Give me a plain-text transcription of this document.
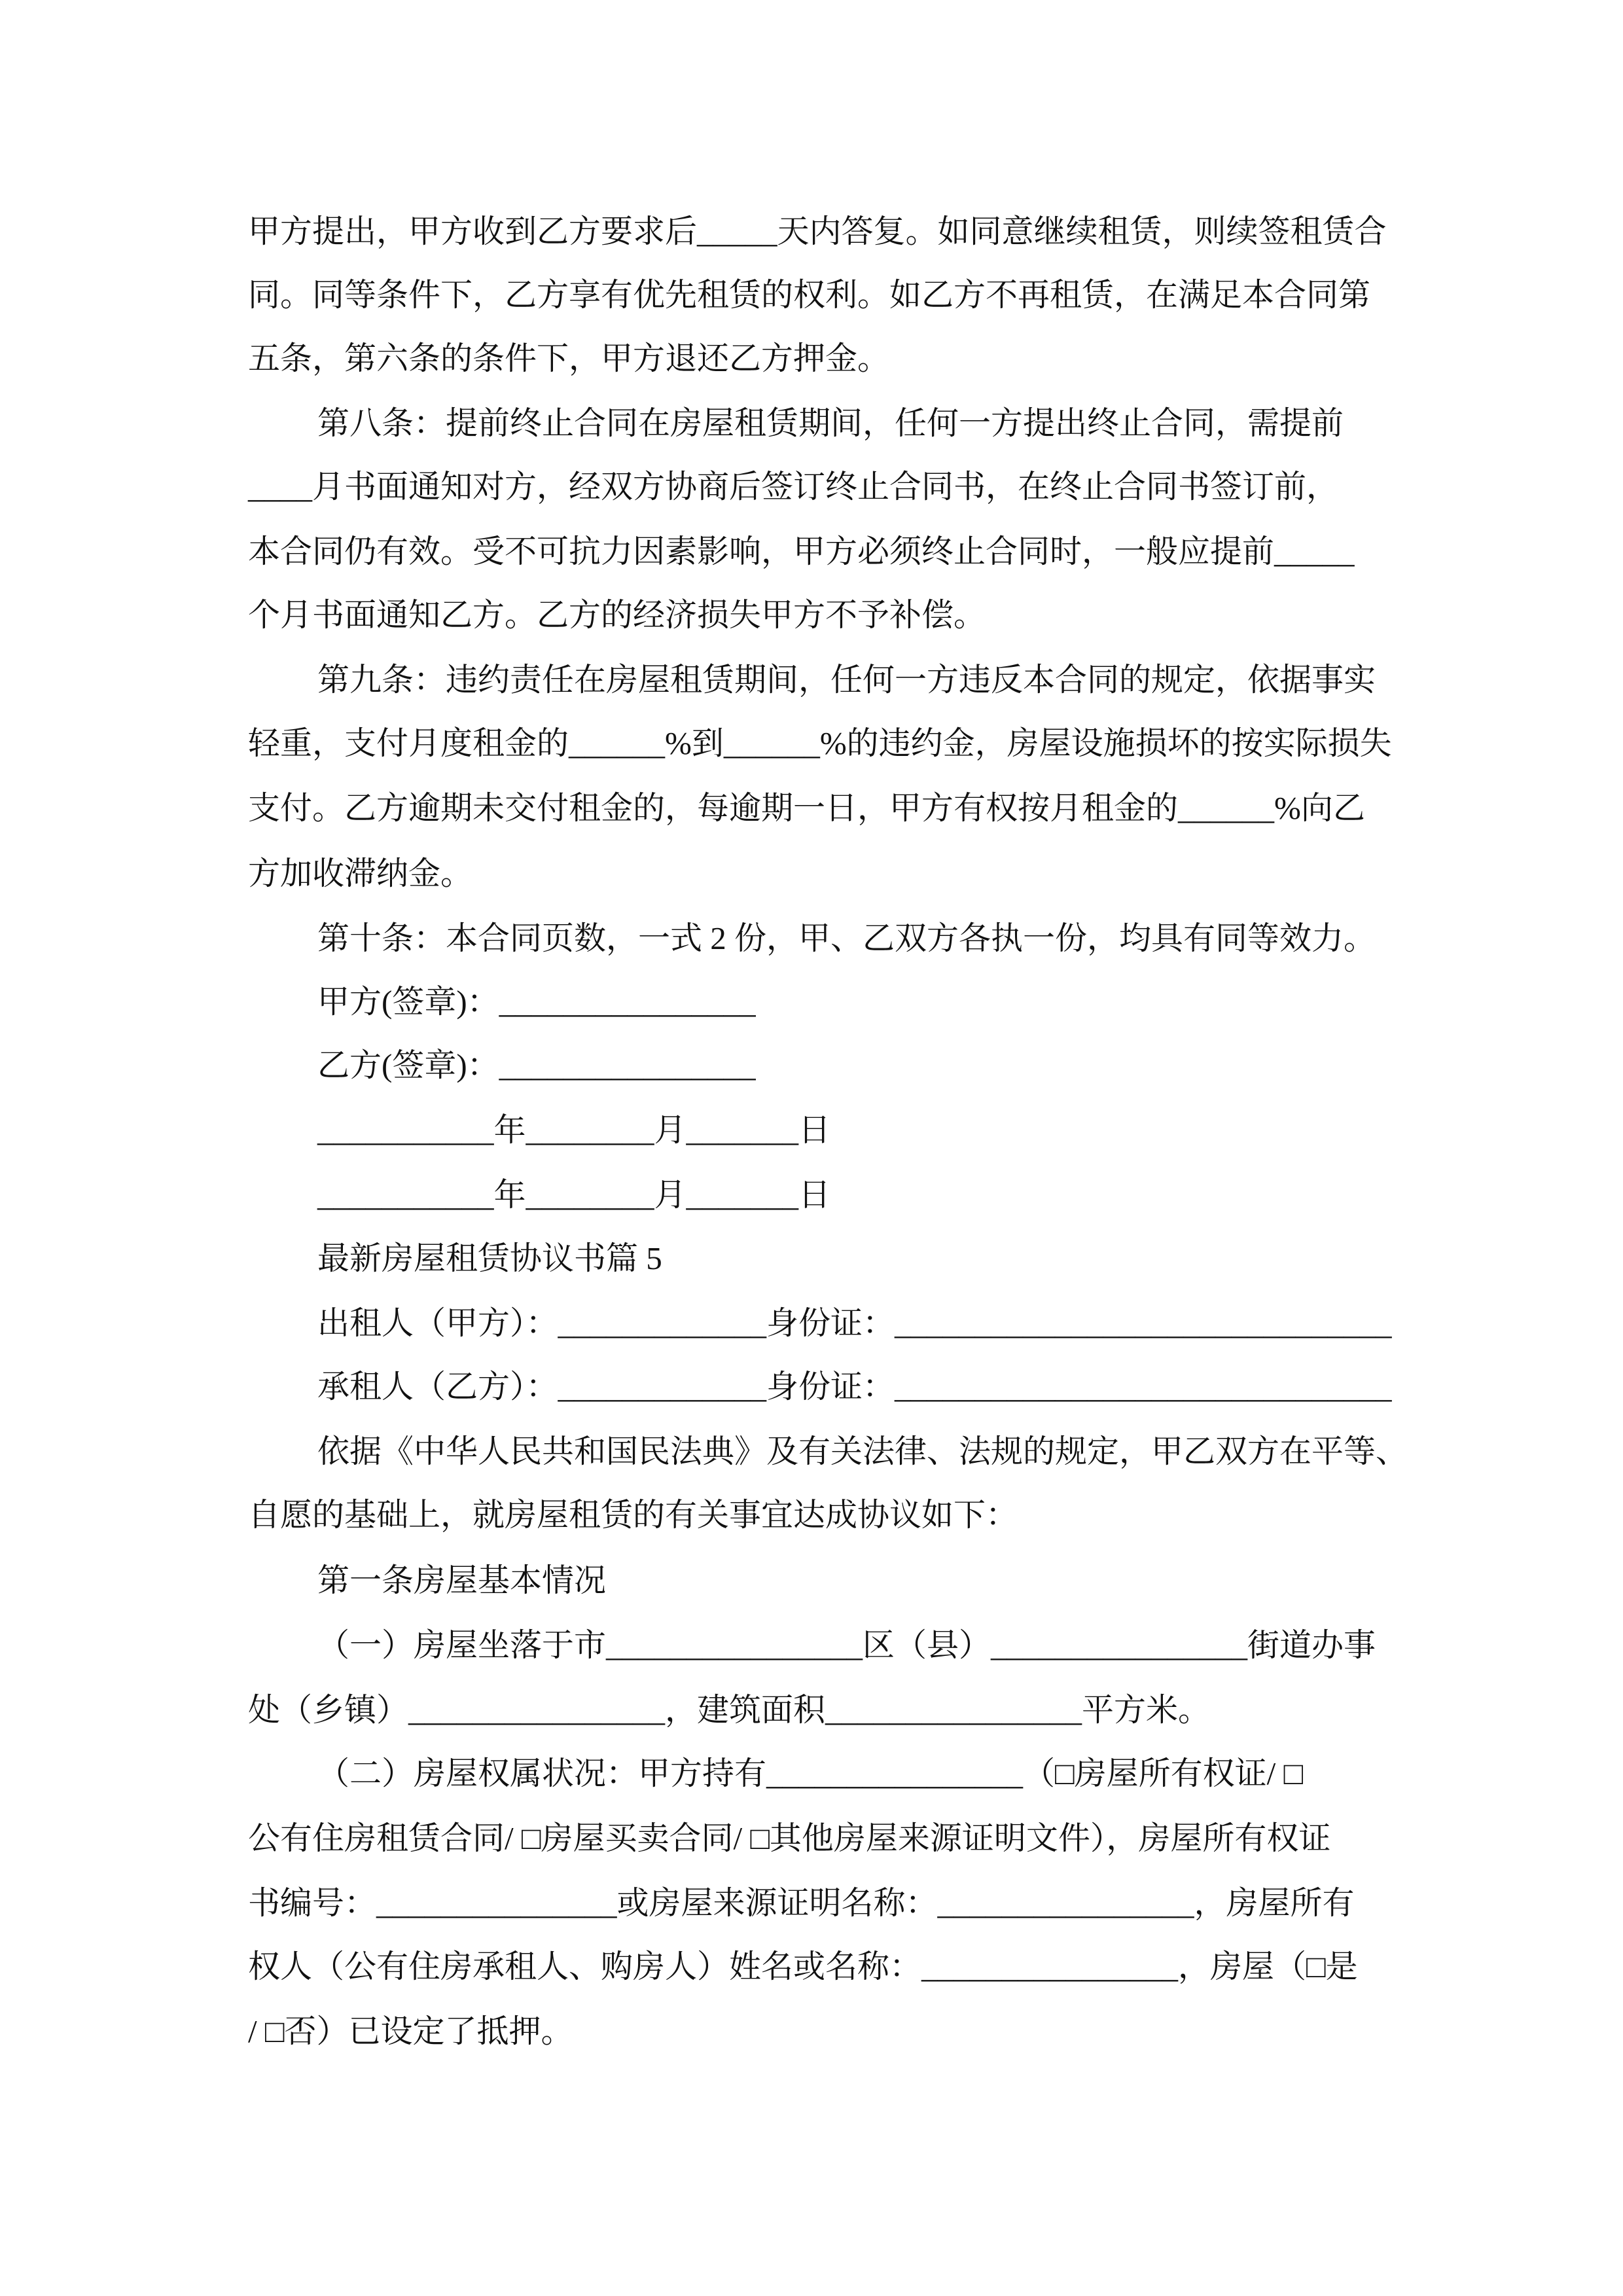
甲方提出，甲方收到乙方要求后_____天内答复。如同意继续租赁，则续签租赁合
同。同等条件下，乙方享有优先租赁的权利。如乙方不再租赁，在满足本合同第
五条，第六条的条件下，甲方退还乙方押金。
第八条：提前终止合同在房屋租赁期间，任何一方提出终止合同，需提前
____月书面通知对方，经双方协商后签订终止合同书，在终止合同书签订前，
本合同仍有效。受不可抗力因素影响，甲方必须终止合同时，一般应提前_____
个月书面通知乙方。乙方的经济损失甲方不予补偿。
第九条：违约责任在房屋租赁期间，任何一方违反本合同的规定，依据事实
轻重，支付月度租金的______%到______%的违约金，房屋设施损坏的按实际损失
支付。乙方逾期未交付租金的，每逾期一日，甲方有权按月租金的______%向乙
方加收滞纳金。
第十条：本合同页数，一式 2 份，甲、乙双方各执一份，均具有同等效力。
甲方(签章)：________________
乙方(签章)：________________
___________年________月_______日
___________年________月_______日
最新房屋租赁协议书篇 5
出租人（甲方）：_____________身份证：_______________________________
承租人（乙方）：_____________身份证：_______________________________
依据《中华人民共和国民法典》及有关法律、法规的规定，甲乙双方在平等、
自愿的基础上，就房屋租赁的有关事宜达成协议如下：
第一条房屋基本情况
（一）房屋坐落于市________________区（县）________________街道办事
处（乡镇）________________，建筑面积________________平方米。
（二）房屋权属状况：甲方持有________________（□房屋所有权证/ □
公有住房租赁合同/ □房屋买卖合同/ □其他房屋来源证明文件），房屋所有权证
书编号：_______________或房屋来源证明名称：________________，房屋所有
权人（公有住房承租人、购房人）姓名或名称：________________，房屋（□是
/ □否）已设定了抵押。
